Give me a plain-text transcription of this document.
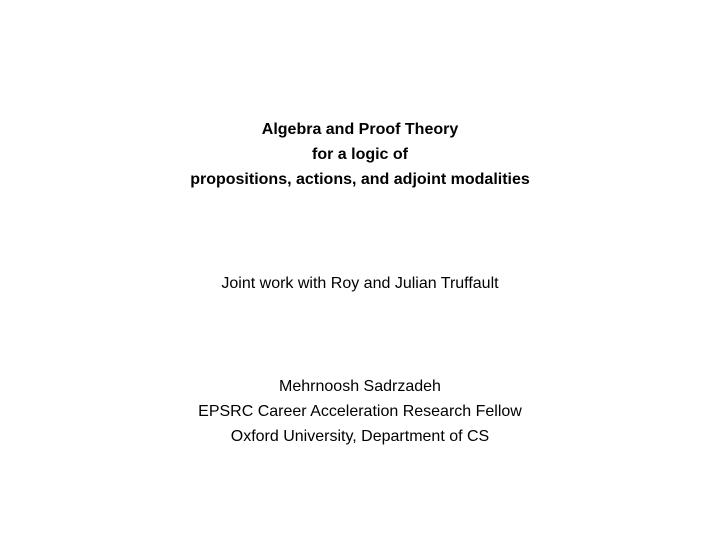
Algebra and Proof Theory

for a logic of

propositions, actions, and adjoint modalities

Joint work with Roy and Julian Truffault

Mehrnoosh Sadrzadeh

EPSRC Career Acceleration Research Fellow

Oxford University, Department of CS
